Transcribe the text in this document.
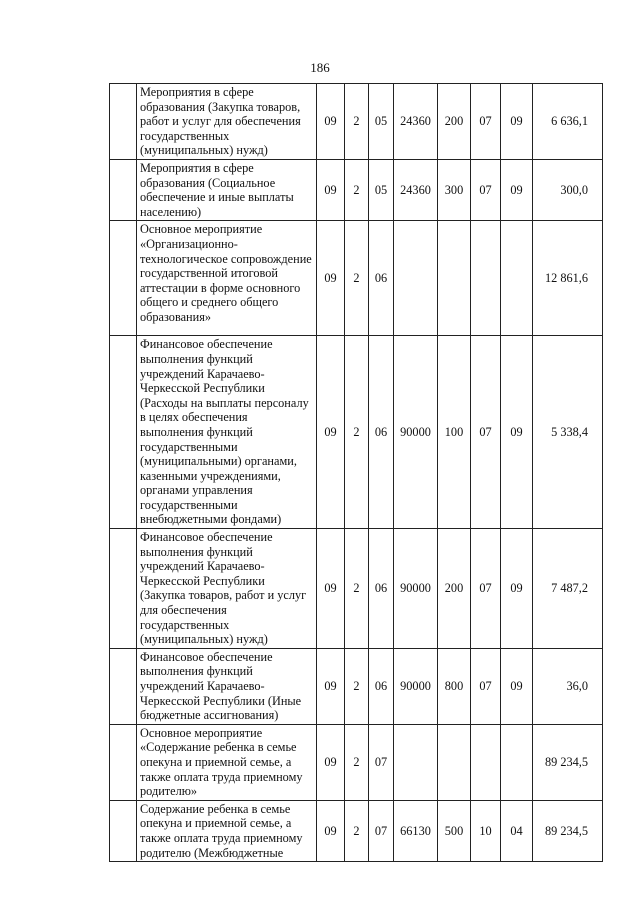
186
	Мероприятия в сфере образования (Закупка товаров, работ и услуг для обеспечения государственных (муниципальных) нужд)	09	2	05	24360	200	07	09	6 636,1
	Мероприятия в сфере образования (Социальное обеспечение и иные выплаты населению)	09	2	05	24360	300	07	09	300,0
	Основное мероприятие «Организационно-технологическое сопровождение государственной итоговой аттестации в форме основного общего и среднего общего образования»	09	2	06					12 861,6
	Финансовое обеспечение выполнения функций учреждений Карачаево-Черкесской Республики (Расходы на выплаты персоналу в целях обеспечения выполнения функций государственными (муниципальными) органами, казенными учреждениями, органами управления государственными внебюджетными фондами)	09	2	06	90000	100	07	09	5 338,4
	Финансовое обеспечение выполнения функций учреждений Карачаево-Черкесской Республики (Закупка товаров, работ и услуг для обеспечения государственных (муниципальных) нужд)	09	2	06	90000	200	07	09	7 487,2
	Финансовое обеспечение выполнения функций учреждений Карачаево-Черкесской Республики (Иные бюджетные ассигнования)	09	2	06	90000	800	07	09	36,0
	Основное мероприятие «Содержание ребенка в семье опекуна и приемной семье, а также оплата труда приемному родителю»	09	2	07					89 234,5
	Содержание ребенка в семье опекуна и приемной семье, а также оплата труда приемному родителю (Межбюджетные	09	2	07	66130	500	10	04	89 234,5
